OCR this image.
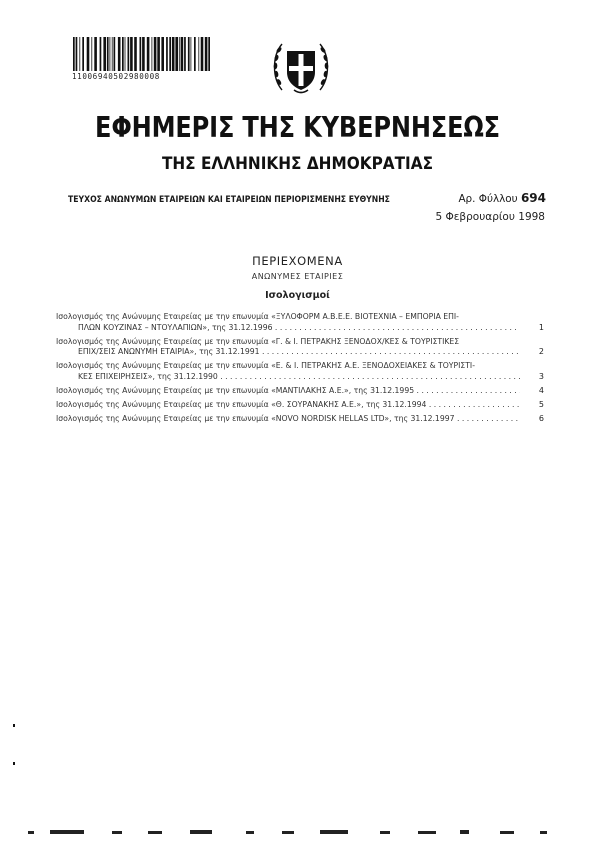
11006940502980008
ΕΦΗΜΕΡΙΣ ΤΗΣ ΚΥΒΕΡΝΗΣΕΩΣ
ΤΗΣ ΕΛΛΗΝΙΚΗΣ ΔΗΜΟΚΡΑΤΙΑΣ
ΤΕΥΧΟΣ ΑΝΩΝΥΜΩΝ ΕΤΑΙΡΕΙΩΝ ΚΑΙ ΕΤΑΙΡΕΙΩΝ ΠΕΡΙΟΡΙΣΜΕΝΗΣ ΕΥΘΥΝΗΣ	Αρ. Φύλλου 694
5 Φεβρουαρίου 1998
ΠΕΡΙΕΧΟΜΕΝΑ
ΑΝΩΝΥΜΕΣ ΕΤΑΙΡΙΕΣ
Ισολογισμοί
Ισολογισμός της Ανώνυμης Εταιρείας με την επωνυμία «ΞΥΛΟΦΟΡΜ Α.Β.Ε.Ε. ΒΙΟΤΕΧΝΙΑ – ΕΜΠΟΡΙΑ ΕΠΙ-
ΠΛΩΝ ΚΟΥΖΙΝΑΣ – ΝΤΟΥΛΑΠΙΩΝ», της 31.12.1996 . . .	1
Ισολογισμός της Ανώνυμης Εταιρείας με την επωνυμία «Γ. & Ι. ΠΕΤΡΑΚΗΣ ΞΕΝΟΔΟΧ/ΚΕΣ & ΤΟΥΡΙΣΤΙΚΕΣ
ΕΠΙΧ/ΣΕΙΣ ΑΝΩΝΥΜΗ ΕΤΑΙΡΙΑ», της 31.12.1991 . . .	2
Ισολογισμός της Ανώνυμης Εταιρείας με την επωνυμία «Ε. & Ι. ΠΕΤΡΑΚΗΣ Α.Ε. ΞΕΝΟΔΟΧΕΙΑΚΕΣ & ΤΟΥΡΙΣΤΙ-
ΚΕΣ ΕΠΙΧΕΙΡΗΣΕΙΣ», της 31.12.1990 . . .	3
Ισολογισμός της Ανώνυμης Εταιρείας με την επωνυμία «ΜΑΝΤΙΛΑΚΗΣ Α.Ε.», της 31.12.1995 . . .	4
Ισολογισμός της Ανώνυμης Εταιρείας με την επωνυμία «Θ. ΣΟΥΡΑΝΑΚΗΣ Α.Ε.», της 31.12.1994 . . .	5
Ισολογισμός της Ανώνυμης Εταιρείας με την επωνυμία «NOVO NORDISK HELLAS LTD», της 31.12.1997 . . .	6
